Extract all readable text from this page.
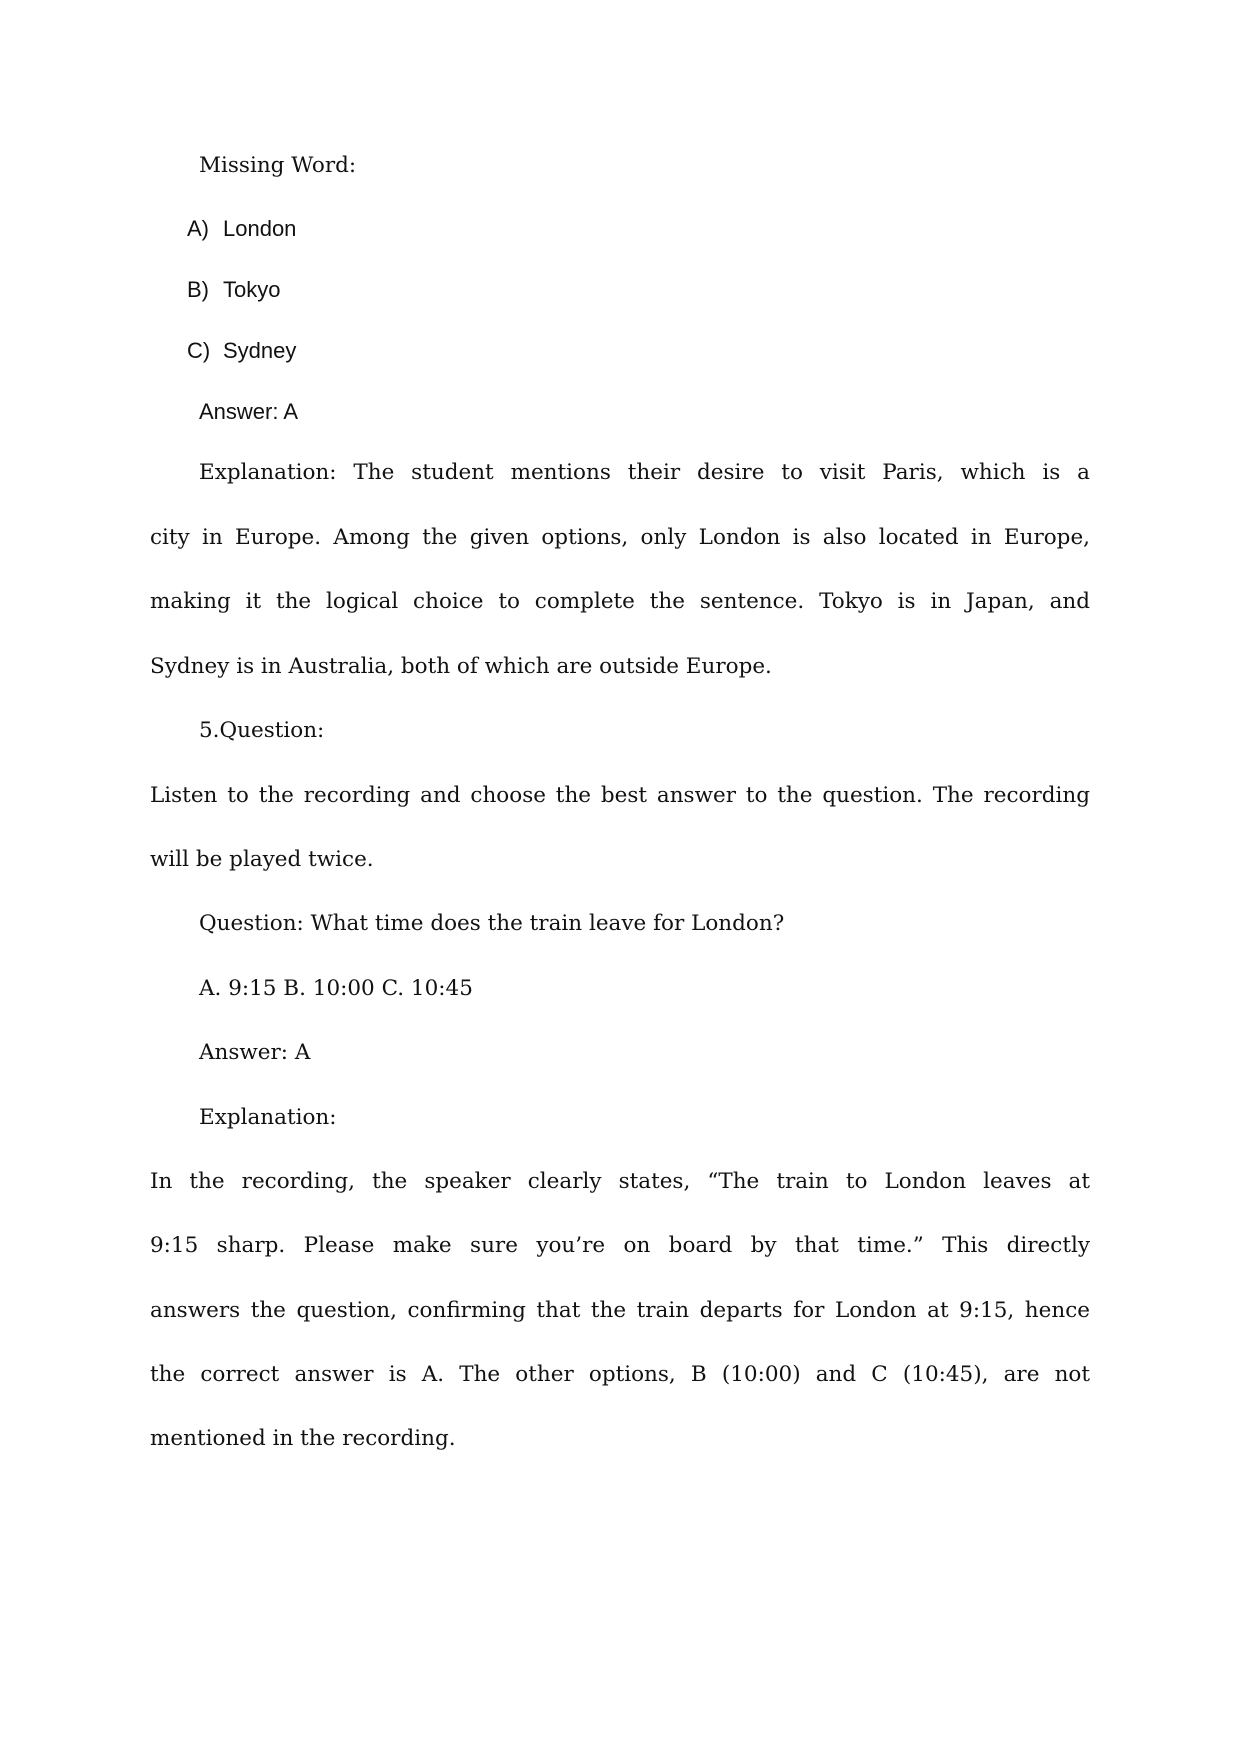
Missing Word:
A) London
B) Tokyo
C) Sydney
Answer: A
Explanation: The student mentions their desire to visit Paris, which is a
city in Europe. Among the given options, only London is also located in Europe,
making it the logical choice to complete the sentence. Tokyo is in Japan, and
Sydney is in Australia, both of which are outside Europe.
5.Question:
Listen to the recording and choose the best answer to the question. The recording
will be played twice.
Question: What time does the train leave for London?
A. 9:15 B. 10:00 C. 10:45
Answer: A
Explanation:
In the recording, the speaker clearly states, “The train to London leaves at
9:15 sharp. Please make sure you’re on board by that time.” This directly
answers the question, confirming that the train departs for London at 9:15, hence
the correct answer is A. The other options, B (10:00) and C (10:45), are not
mentioned in the recording.
